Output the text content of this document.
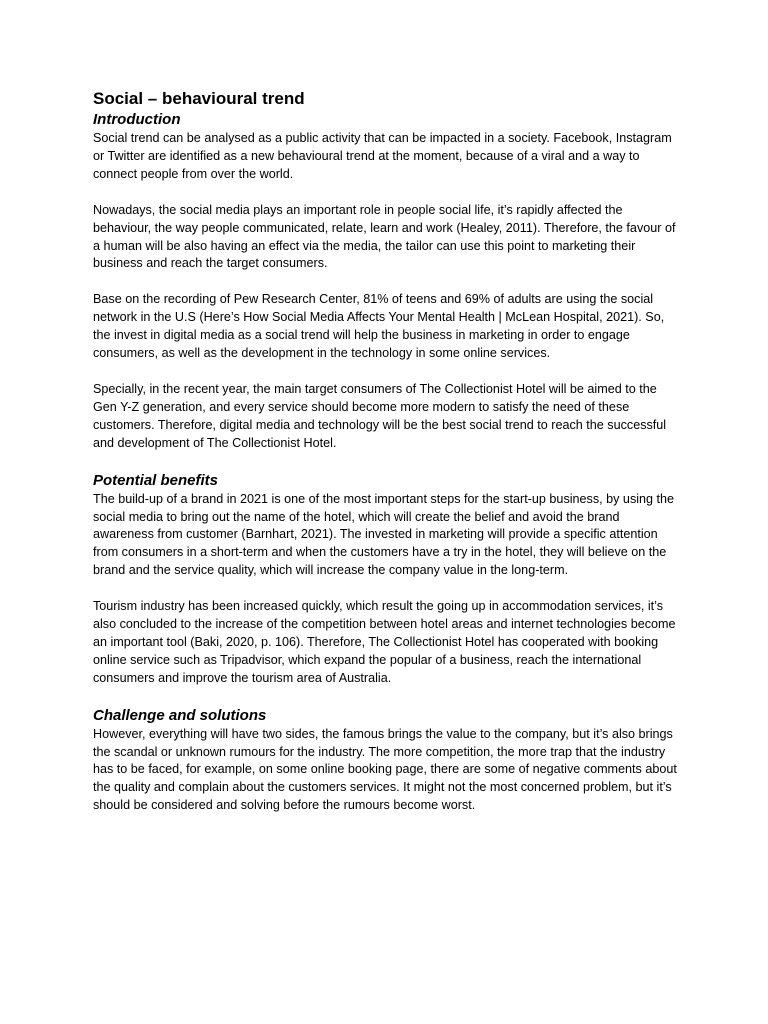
Social – behavioural trend
Introduction

Social trend can be analysed as a public activity that can be impacted in a society. Facebook, Instagram or Twitter are identified as a new behavioural trend at the moment, because of a viral and a way to connect people from over the world.

Nowadays, the social media plays an important role in people social life, it’s rapidly affected the behaviour, the way people communicated, relate, learn and work (Healey, 2011). Therefore, the favour of a human will be also having an effect via the media, the tailor can use this point to marketing their business and reach the target consumers.

Base on the recording of Pew Research Center, 81% of teens and 69% of adults are using the social network in the U.S (Here’s How Social Media Affects Your Mental Health | McLean Hospital, 2021). So, the invest in digital media as a social trend will help the business in marketing in order to engage consumers, as well as the development in the technology in some online services.

Specially, in the recent year, the main target consumers of The Collectionist Hotel will be aimed to the Gen Y-Z generation, and every service should become more modern to satisfy the need of these customers. Therefore, digital media and technology will be the best social trend to reach the successful and development of The Collectionist Hotel.

Potential benefits

The build-up of a brand in 2021 is one of the most important steps for the start-up business, by using the social media to bring out the name of the hotel, which will create the belief and avoid the brand awareness from customer (Barnhart, 2021). The invested in marketing will provide a specific attention from consumers in a short-term and when the customers have a try in the hotel, they will believe on the brand and the service quality, which will increase the company value in the long-term.

Tourism industry has been increased quickly, which result the going up in accommodation services, it’s also concluded to the increase of the competition between hotel areas and internet technologies become an important tool (Baki, 2020, p. 106). Therefore, The Collectionist Hotel has cooperated with booking online service such as Tripadvisor, which expand the popular of a business, reach the international consumers and improve the tourism area of Australia.

Challenge and solutions

However, everything will have two sides, the famous brings the value to the company, but it’s also brings the scandal or unknown rumours for the industry. The more competition, the more trap that the industry has to be faced, for example, on some online booking page, there are some of negative comments about the quality and complain about the customers services. It might not the most concerned problem, but it’s should be considered and solving before the rumours become worst.
